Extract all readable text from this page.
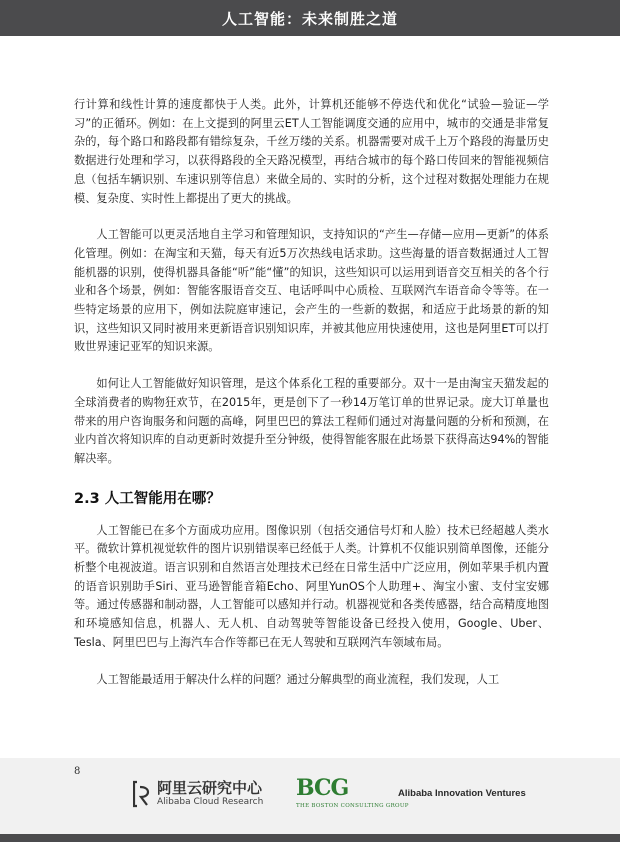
人工智能：未来制胜之道

行计算和线性计算的速度都快于人类。此外，计算机还能够不停迭代和优化“试验—验证—学习”的正循环。例如：在上文提到的阿里云ET人工智能调度交通的应用中，城市的交通是非常复杂的，每个路口和路段都有错综复杂，千丝万缕的关系。机器需要对成千上万个路段的海量历史数据进行处理和学习，以获得路段的全天路况模型，再结合城市的每个路口传回来的智能视频信息（包括车辆识别、车速识别等信息）来做全局的、实时的分析，这个过程对数据处理能力在规模、复杂度、实时性上都提出了更大的挑战。

人工智能可以更灵活地自主学习和管理知识，支持知识的“产生—存储—应用—更新”的体系化管理。例如：在淘宝和天猫，每天有近5万次热线电话求助。这些海量的语音数据通过人工智能机器的识别，使得机器具备能“听”能“懂”的知识，这些知识可以运用到语音交互相关的各个行业和各个场景，例如：智能客服语音交互、电话呼叫中心质检、互联网汽车语音命令等等。在一些特定场景的应用下，例如法院庭审速记，会产生的一些新的数据，和适应于此场景的新的知识，这些知识又同时被用来更新语音识别知识库，并被其他应用快速使用，这也是阿里ET可以打败世界速记亚军的知识来源。

如何让人工智能做好知识管理，是这个体系化工程的重要部分。双十一是由淘宝天猫发起的全球消费者的购物狂欢节，在2015年，更是创下了一秒14万笔订单的世界记录。庞大订单量也带来的用户咨询服务和问题的高峰，阿里巴巴的算法工程师们通过对海量问题的分析和预测，在业内首次将知识库的自动更新时效提升至分钟级，使得智能客服在此场景下获得高达94%的智能解决率。

2.3 人工智能用在哪？

人工智能已在多个方面成功应用。图像识别（包括交通信号灯和人脸）技术已经超越人类水平。微软计算机视觉软件的图片识别错误率已经低于人类。计算机不仅能识别简单图像，还能分析整个电视波道。语言识别和自然语言处理技术已经在日常生活中广泛应用，例如苹果手机内置的语音识别助手Siri、亚马逊智能音箱Echo、阿里YunOS个人助理+、淘宝小蜜、支付宝安娜等。通过传感器和制动器，人工智能可以感知并行动。机器视觉和各类传感器，结合高精度地图和环境感知信息，机器人、无人机、自动驾驶等智能设备已经投入使用，Google、Uber、Tesla、阿里巴巴与上海汽车合作等都已在无人驾驶和互联网汽车领域布局。

人工智能最适用于解决什么样的问题？通过分解典型的商业流程，我们发现，人工

8
阿里云研究中心
Alibaba Cloud Research
BCG
THE BOSTON CONSULTING GROUP
Alibaba Innovation Ventures
